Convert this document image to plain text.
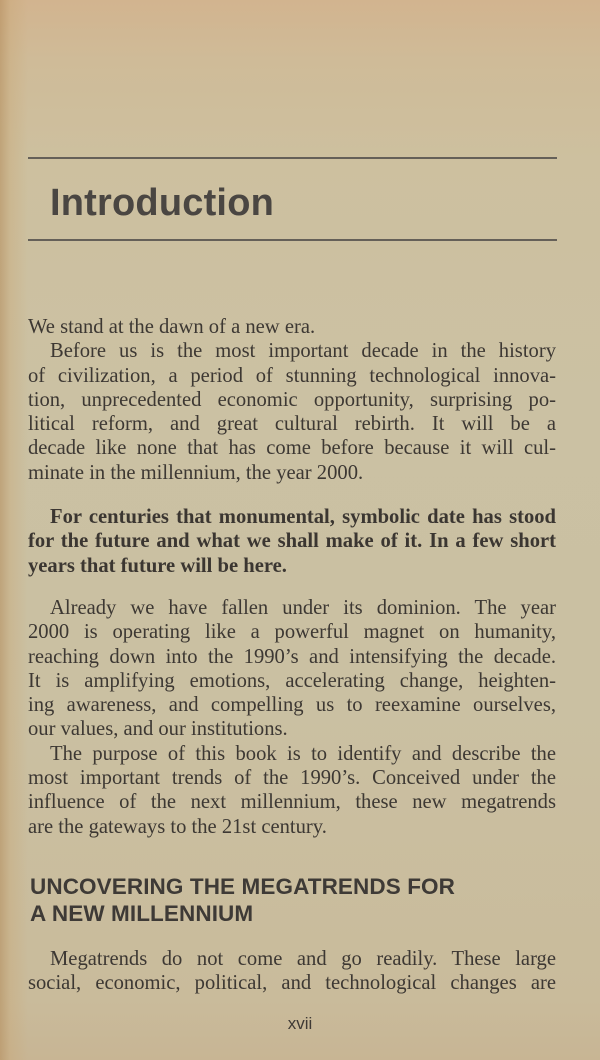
Introduction
We stand at the dawn of a new era.
Before us is the most important decade in the history
of civilization, a period of stunning technological innova-
tion, unprecedented economic opportunity, surprising po-
litical reform, and great cultural rebirth. It will be a
decade like none that has come before because it will cul-
minate in the millennium, the year 2000.
For centuries that monumental, symbolic date has stood
for the future and what we shall make of it. In a few short
years that future will be here.
Already we have fallen under its dominion. The year
2000 is operating like a powerful magnet on humanity,
reaching down into the 1990’s and intensifying the decade.
It is amplifying emotions, accelerating change, heighten-
ing awareness, and compelling us to reexamine ourselves,
our values, and our institutions.
The purpose of this book is to identify and describe the
most important trends of the 1990’s. Conceived under the
influence of the next millennium, these new megatrends
are the gateways to the 21st century.
UNCOVERING THE MEGATRENDS FOR
A NEW MILLENNIUM
Megatrends do not come and go readily. These large
social, economic, political, and technological changes are
xvii
